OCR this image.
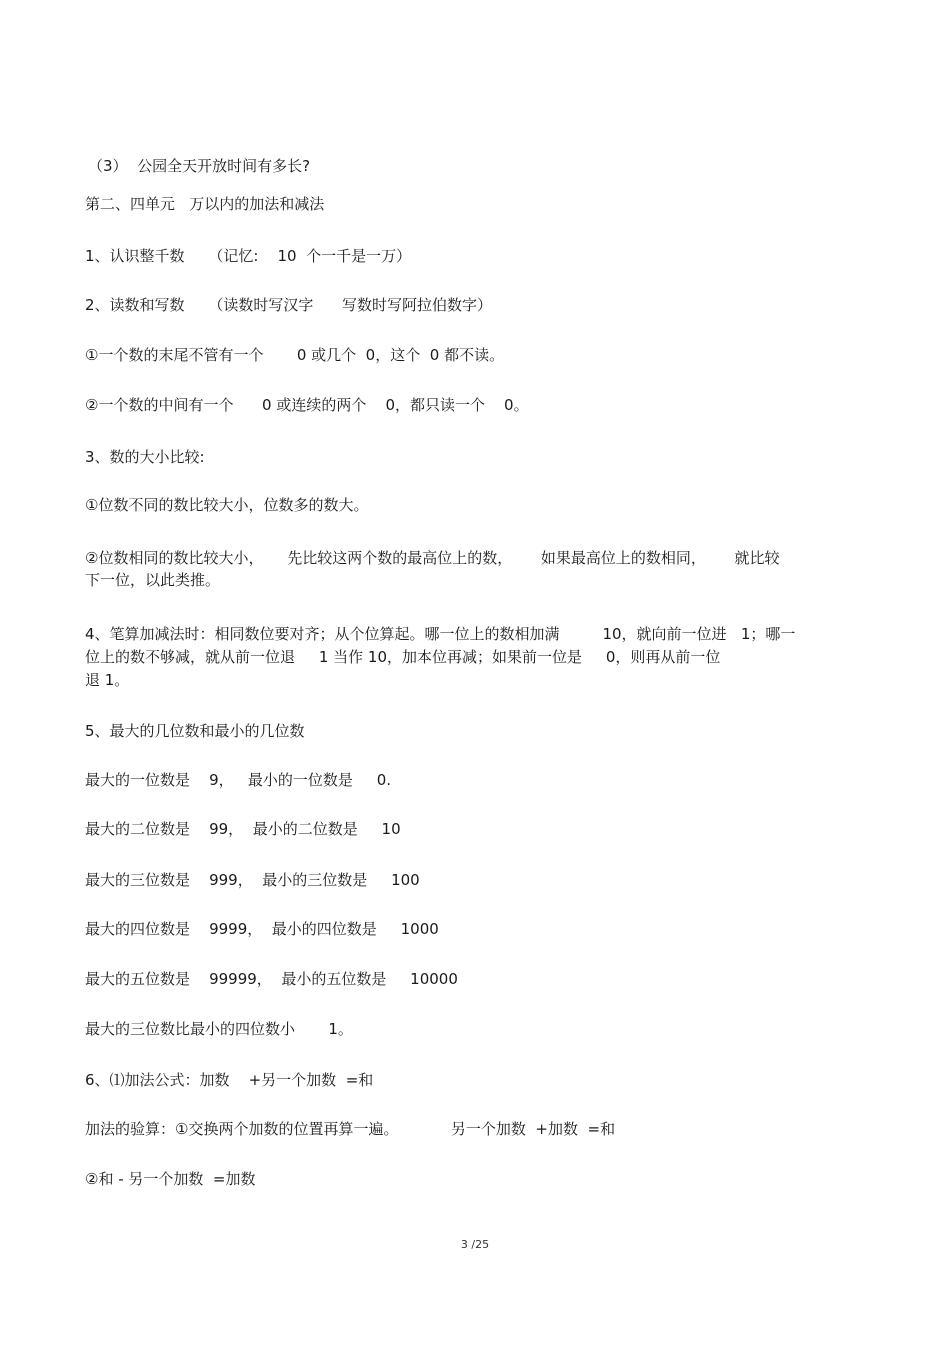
（3）  公园全天开放时间有多长?

第二、四单元   万以内的加法和减法

1、认识整千数     （记忆:    10  个一千是一万）

2、读数和写数     （读数时写汉字      写数时写阿拉伯数字）

①一个数的末尾不管有一个       0 或几个  0，这个  0 都不读。

②一个数的中间有一个      0 或连续的两个    0，都只读一个    0。

3、数的大小比较:

①位数不同的数比较大小，位数多的数大。

②位数相同的数比较大小，     先比较这两个数的最高位上的数，      如果最高位上的数相同，      就比较

下一位，以此类推。

4、笔算加减法时：相同数位要对齐；从个位算起。哪一位上的数相加满         10，就向前一位进   1；哪一

位上的数不够减，就从前一位退     1 当作 10，加本位再减；如果前一位是     0，则再从前一位

退 1。

5、最大的几位数和最小的几位数

最大的一位数是    9，   最小的一位数是     0.

最大的二位数是    99，  最小的二位数是     10

最大的三位数是    999，  最小的三位数是     100

最大的四位数是    9999，  最小的四位数是     1000

最大的五位数是    99999，  最小的五位数是     10000

最大的三位数比最小的四位数小       1。

6、⑴加法公式：加数    +另一个加数  =和

加法的验算：①交换两个加数的位置再算一遍。           另一个加数  +加数  =和

②和 - 另一个加数  =加数

3 /25
